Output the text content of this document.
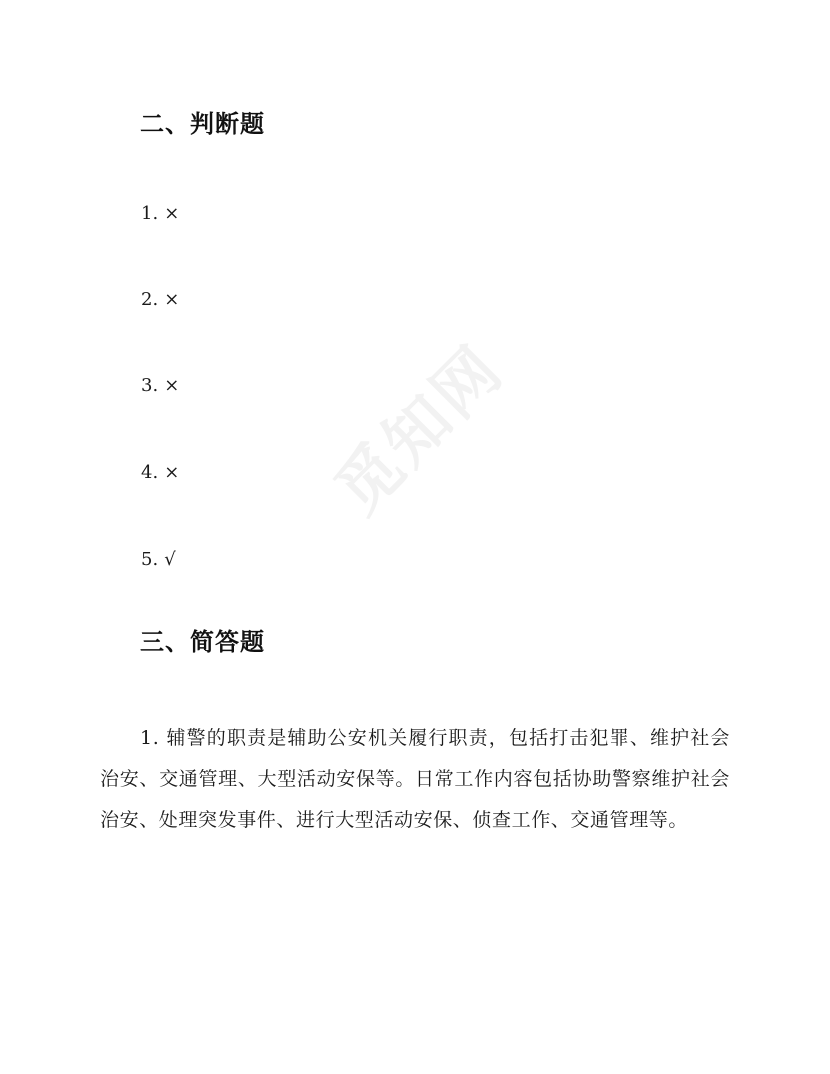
觅知网
二、判断题
1. ×
2. ×
3. ×
4. ×
5. √
三、简答题

1. 辅警的职责是辅助公安机关履行职责，包括打击犯罪、维护社会治安、交通管理、大型活动安保等。日常工作内容包括协助警察维护社会治安、处理突发事件、进行大型活动安保、侦查工作、交通管理等。
